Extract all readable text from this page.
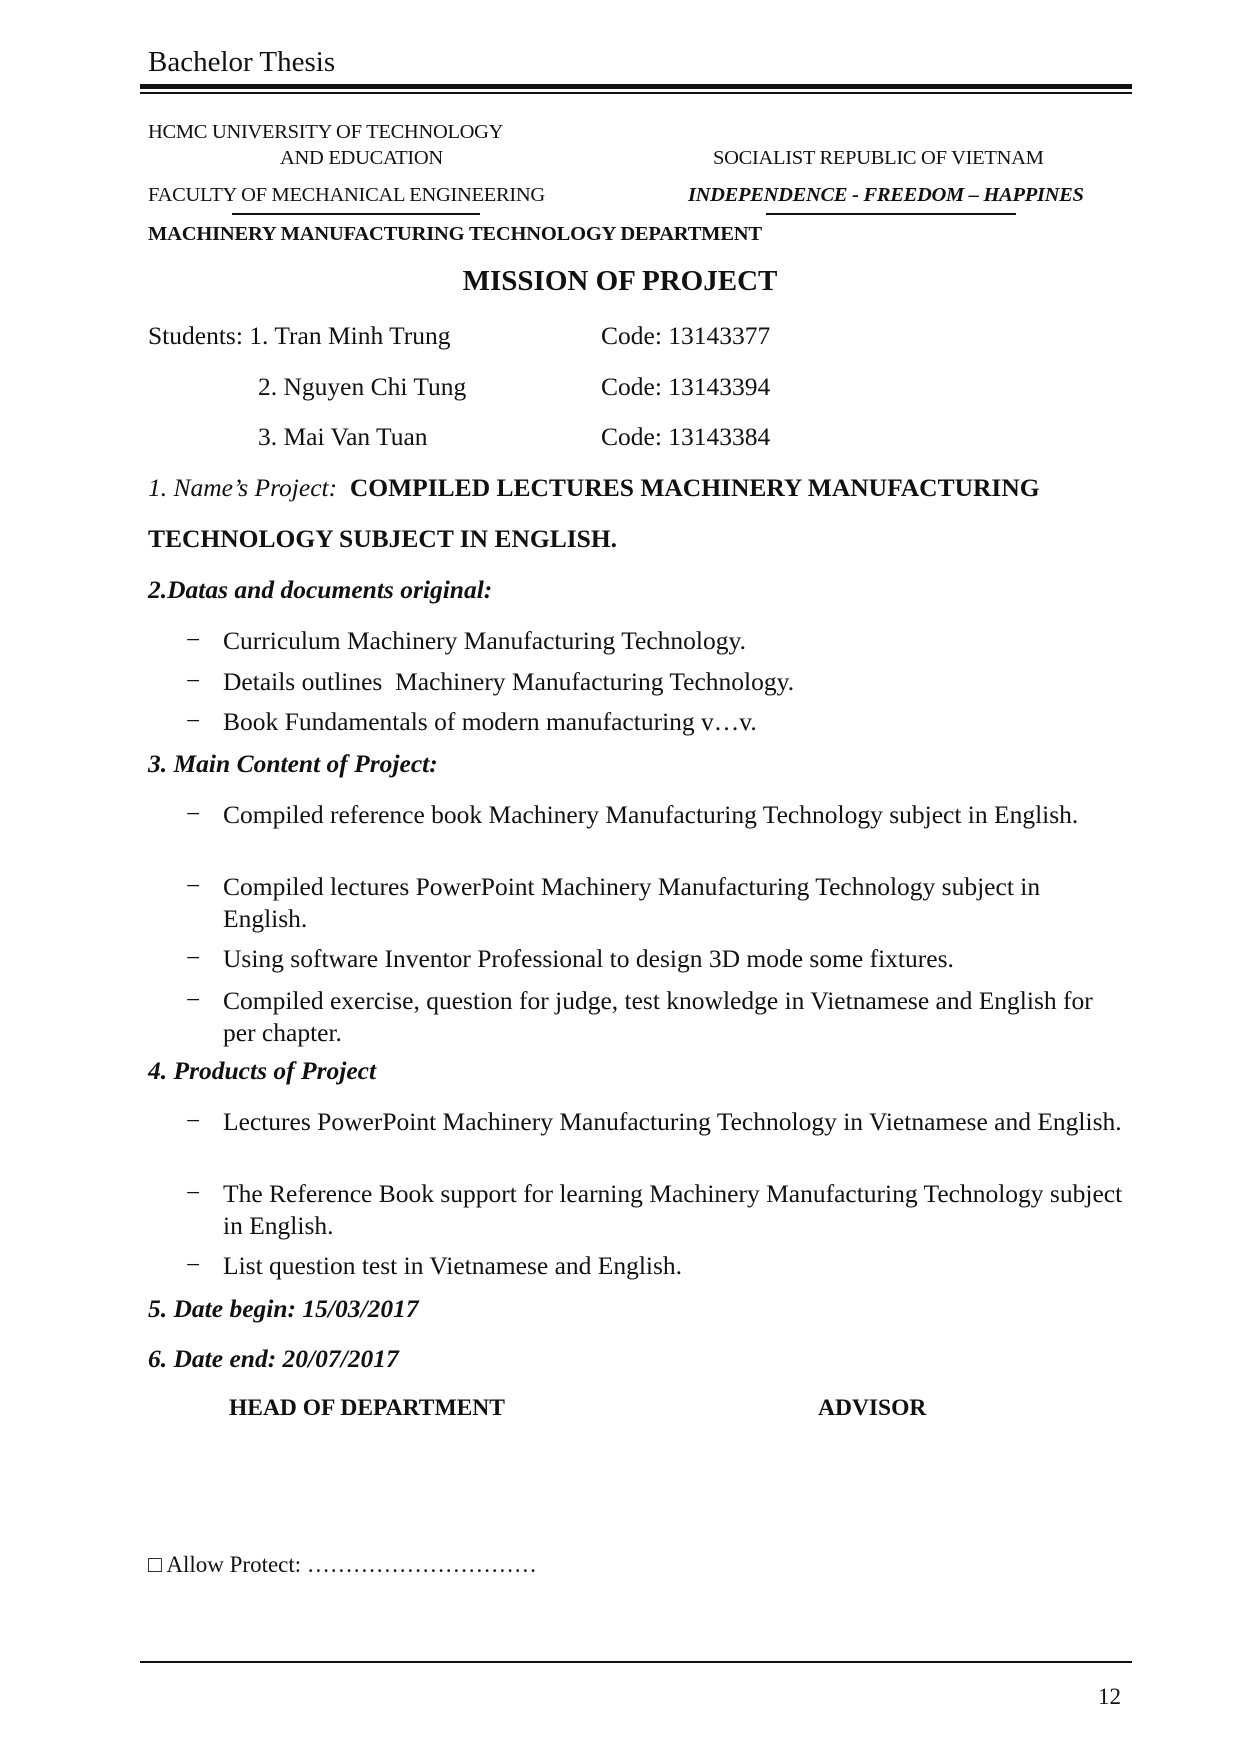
Bachelor Thesis
HCMC UNIVERSITY OF TECHNOLOGY
AND EDUCATION	SOCIALIST REPUBLIC OF VIETNAM
FACULTY OF MECHANICAL ENGINEERING	INDEPENDENCE - FREEDOM – HAPPINES
MACHINERY MANUFACTURING TECHNOLOGY DEPARTMENT
MISSION OF PROJECT
Students: 1. Tran Minh Trung	Code: 13143377
2. Nguyen Chi Tung	Code: 13143394
3. Mai Van Tuan	Code: 13143384
1. Name’s Project: COMPILED LECTURES MACHINERY MANUFACTURING
TECHNOLOGY SUBJECT IN ENGLISH.
2.Datas and documents original:
− Curriculum Machinery Manufacturing Technology.
− Details outlines  Machinery Manufacturing Technology.
− Book Fundamentals of modern manufacturing v…v.
3. Main Content of Project:
− Compiled reference book Machinery Manufacturing Technology subject in English.
− Compiled lectures PowerPoint Machinery Manufacturing Technology subject in English.
− Using software Inventor Professional to design 3D mode some fixtures.
− Compiled exercise, question for judge, test knowledge in Vietnamese and English for per chapter.
4. Products of Project
− Lectures PowerPoint Machinery Manufacturing Technology in Vietnamese and English.
− The Reference Book support for learning Machinery Manufacturing Technology subject in English.
− List question test in Vietnamese and English.
5. Date begin: 15/03/2017
6. Date end: 20/07/2017
HEAD OF DEPARTMENT	ADVISOR
□ Allow Protect: …………………………
12
